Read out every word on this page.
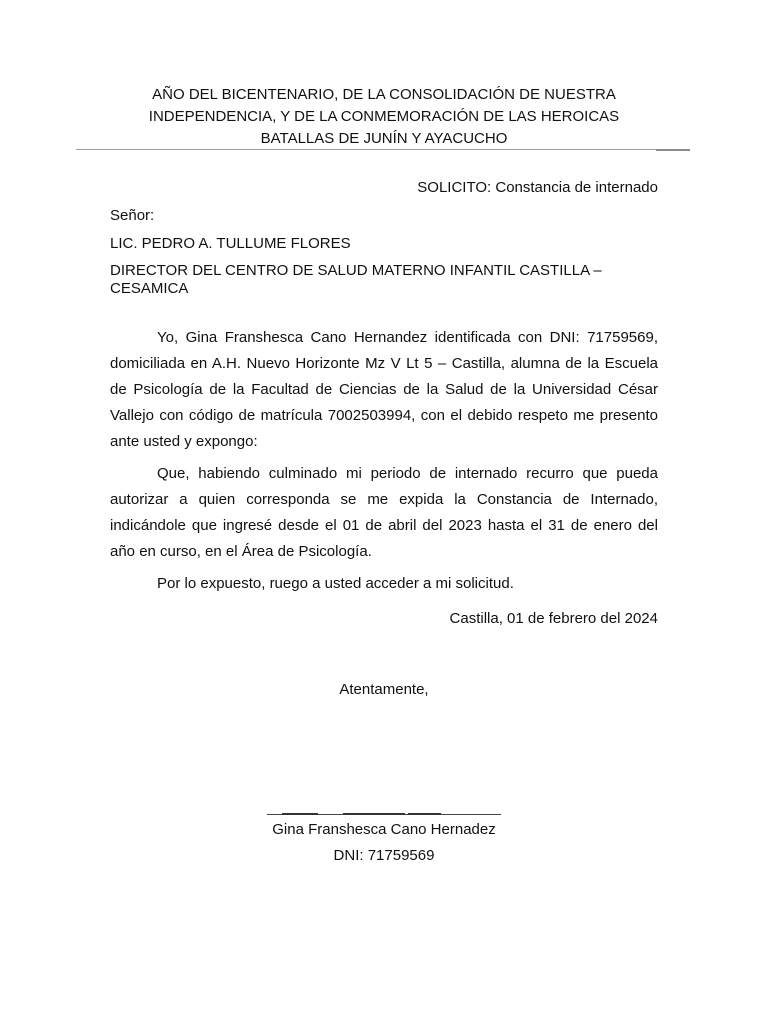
AÑO DEL BICENTENARIO, DE LA CONSOLIDACIÓN DE NUESTRA
INDEPENDENCIA, Y DE LA CONMEMORACIÓN DE LAS HEROICAS
BATALLAS DE JUNÍN Y AYACUCHO
SOLICITO: Constancia de internado
Señor:
LIC. PEDRO A. TULLUME FLORES
DIRECTOR DEL CENTRO DE SALUD MATERNO INFANTIL CASTILLA – CESAMICA
Yo, Gina Franshesca Cano Hernandez identificada con DNI: 71759569, domiciliada en A.H. Nuevo Horizonte Mz V Lt 5 – Castilla, alumna de la Escuela de Psicología de la Facultad de Ciencias de la Salud de la Universidad César Vallejo con código de matrícula 7002503994, con el debido respeto me presento ante usted y expongo:
Que, habiendo culminado mi periodo de internado recurro que pueda autorizar a quien corresponda se me expida la Constancia de Internado, indicándole que ingresé desde el 01 de abril del 2023 hasta el 31 de enero del año en curso, en el Área de Psicología.
Por lo expuesto, ruego a usted acceder a mi solicitud.
Castilla, 01 de febrero del 2024
Atentamente,
Gina Franshesca Cano Hernadez
DNI: 71759569
